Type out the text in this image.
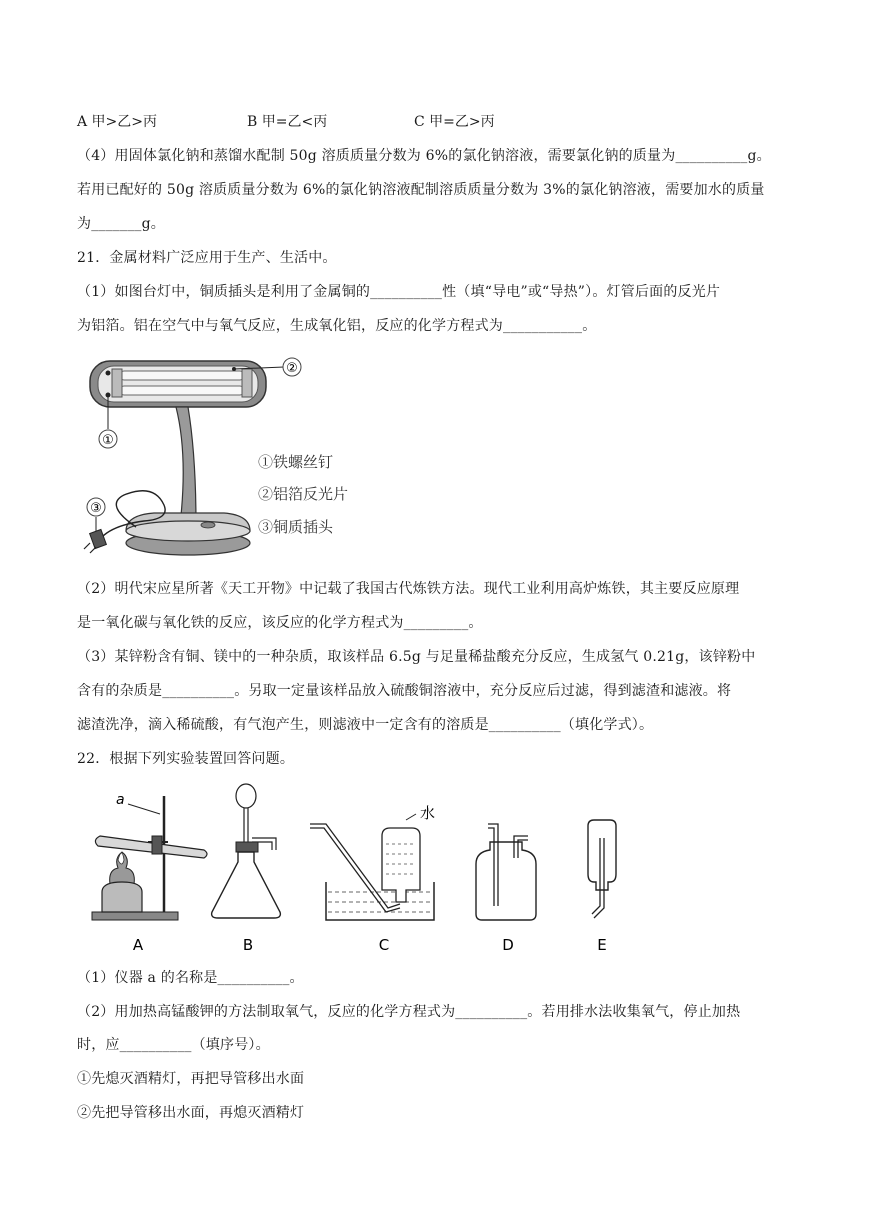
A 甲>乙>丙	B 甲=乙<丙	C 甲=乙>丙
（4）用固体氯化钠和蒸馏水配制 50g 溶质质量分数为 6%的氯化钠溶液，需要氯化钠的质量为__________g。
若用已配好的 50g 溶质质量分数为 6%的氯化钠溶液配制溶质质量分数为 3%的氯化钠溶液，需要加水的质量
为_______g。
21．金属材料广泛应用于生产、生活中。
（1）如图台灯中，铜质插头是利用了金属铜的__________性（填“导电”或“导热”）。灯管后面的反光片
为铝箔。铝在空气中与氧气反应，生成氧化铝，反应的化学方程式为___________。
②
①
③
①铁螺丝钉
②铝箔反光片
③铜质插头
（2）明代宋应星所著《天工开物》中记载了我国古代炼铁方法。现代工业利用高炉炼铁，其主要反应原理
是一氧化碳与氧化铁的反应，该反应的化学方程式为_________。
（3）某锌粉含有铜、镁中的一种杂质，取该样品 6.5g 与足量稀盐酸充分反应，生成氢气 0.21g，该锌粉中
含有的杂质是__________。另取一定量该样品放入硫酸铜溶液中，充分反应后过滤，得到滤渣和滤液。将
滤渣洗净，滴入稀硫酸，有气泡产生，则滤液中一定含有的溶质是__________（填化学式）。
22．根据下列实验装置回答问题。
a
A	B
水
C	D	E
（1）仪器 a 的名称是__________。
（2）用加热高锰酸钾的方法制取氧气，反应的化学方程式为__________。若用排水法收集氧气，停止加热
时，应__________（填序号）。
①先熄灭酒精灯，再把导管移出水面
②先把导管移出水面，再熄灭酒精灯
